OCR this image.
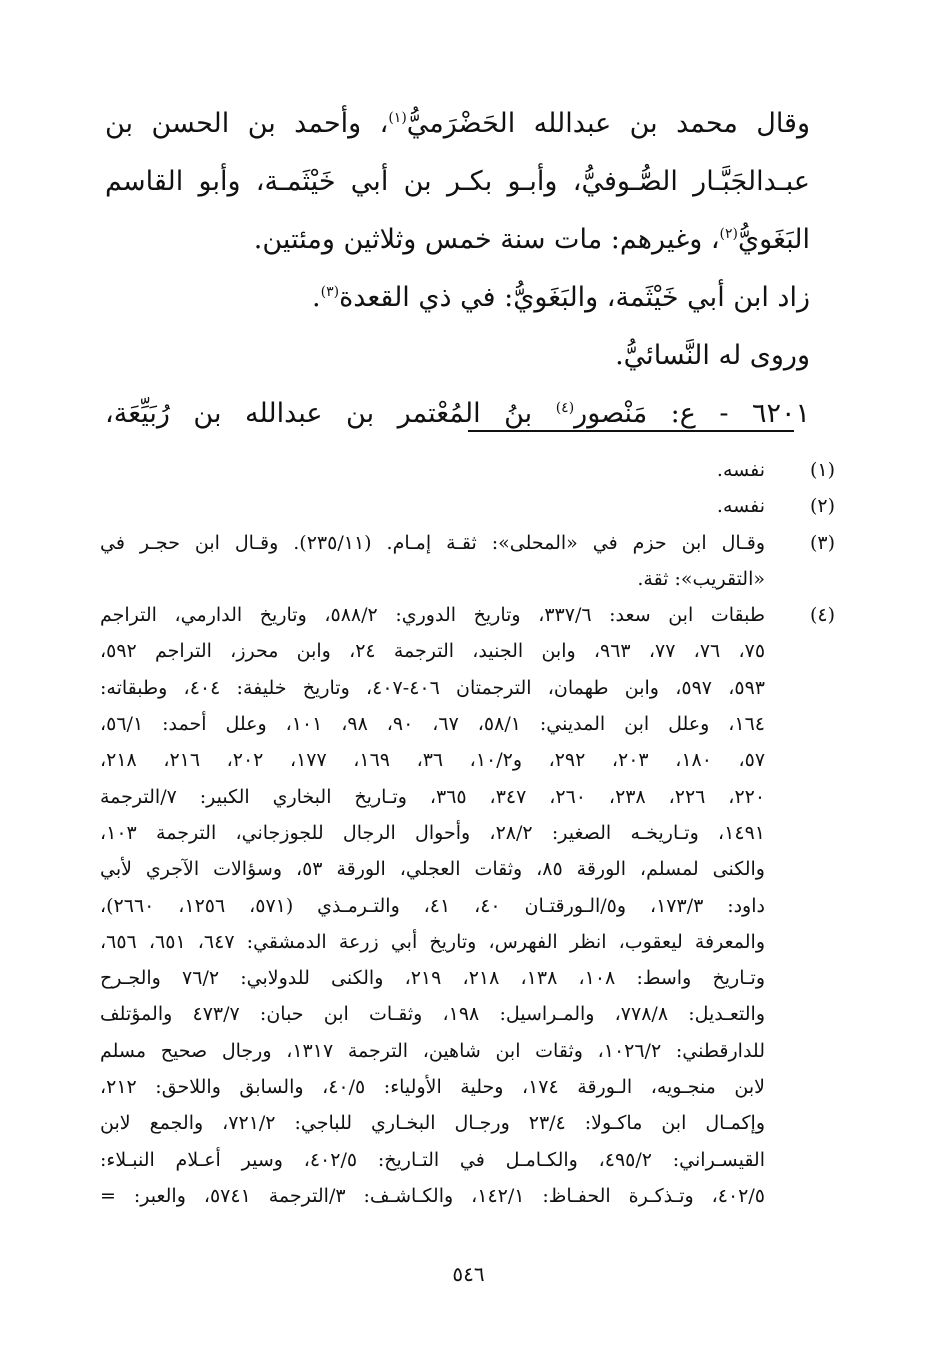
وقال محمد بن عبدالله الحَضْرَميُّ$^{(١)}$، وأحمد بن الحسن بن
عبـدالجَبَّـار الصُّـوفيُّ، وأبـو بكـر بن أبي خَيْثَمـة، وأبو القاسم
البَغَويُّ$^{(٢)}$، وغيرهم: مات سنة خمس وثلاثين ومئتين.
زاد ابن أبي خَيْثَمة، والبَغَويُّ: في ذي القعدة$^{(٣)}$.
وروى له النَّسائيُّ.
٦٢٠١ - ع: مَنْصور$^{(٤)}$ بنُ المُعْتمر بن عبدالله بن رُبَيِّعَة،
(١)
نفسه.
(٢)
نفسه.
(٣)
وقـال ابن حزم في «المحلى»: ثقـة إمـام. (٢٣٥/١١). وقـال ابن حجـر في
«التقريب»: ثقة.
(٤)
طبقات ابن سعد: ٣٣٧/٦، وتاريخ الدوري: ٥٨٨/٢، وتاريخ الدارمي، التراجم
٧٥، ٧٦، ٧٧، ٩٦٣، وابن الجنيد، الترجمة ٢٤، وابن محرز، التراجم ٥٩٢،
٥٩٣، ٥٩٧، وابن طهمان، الترجمتان ٤٠٦-٤٠٧، وتاريخ خليفة: ٤٠٤، وطبقاته:
١٦٤، وعلل ابن المديني: ٥٨/١، ٦٧، ٩٠، ٩٨، ١٠١، وعلل أحمد: ٥٦/١،
٥٧، ١٨٠، ٢٠٣، ٢٩٢، و١٠/٢، ٣٦، ١٦٩، ١٧٧، ٢٠٢، ٢١٦، ٢١٨،
٢٢٠، ٢٢٦، ٢٣٨، ٢٦٠، ٣٤٧، ٣٦٥، وتـاريخ البخاري الكبير: ٧/الترجمة
١٤٩١، وتـاريخـه الصغير: ٢٨/٢، وأحوال الرجال للجوزجاني، الترجمة ١٠٣،
والكنى لمسلم، الورقة ٨٥، وثقات العجلي، الورقة ٥٣، وسؤالات الآجري لأبي
داود: ١٧٣/٣، و٥/الـورقتـان ٤٠، ٤١، والتـرمـذي (٥٧١، ١٢٥٦، ٢٦٦٠)،
والمعرفة ليعقوب، انظر الفهرس، وتاريخ أبي زرعة الدمشقي: ٦٤٧، ٦٥١، ٦٥٦،
وتـاريخ واسط: ١٠٨، ١٣٨، ٢١٨، ٢١٩، والكنى للدولابي: ٧٦/٢ والجـرح
والتعـديل: ٧٧٨/٨، والمـراسيل: ١٩٨، وثقـات ابن حبان: ٤٧٣/٧ والمؤتلف
للدارقطني: ١٠٢٦/٢، وثقات ابن شاهين، الترجمة ١٣١٧، ورجال صحيح مسلم
لابن منجـويه، الـورقة ١٧٤، وحلية الأولياء: ٤٠/٥، والسابق واللاحق: ٢١٢،
وإكمـال ابن ماكـولا: ٢٣/٤ ورجـال البخـاري للباجي: ٧٢١/٢، والجمع لابن
القيسـراني: ٤٩٥/٢، والكـامـل في التـاريخ: ٤٠٢/٥، وسير أعـلام النبـلاء:
٤٠٢/٥، وتـذكـرة الحفـاظ: ١٤٢/١، والكـاشـف: ٣/الترجمة ٥٧٤١، والعبر: =
٥٤٦
